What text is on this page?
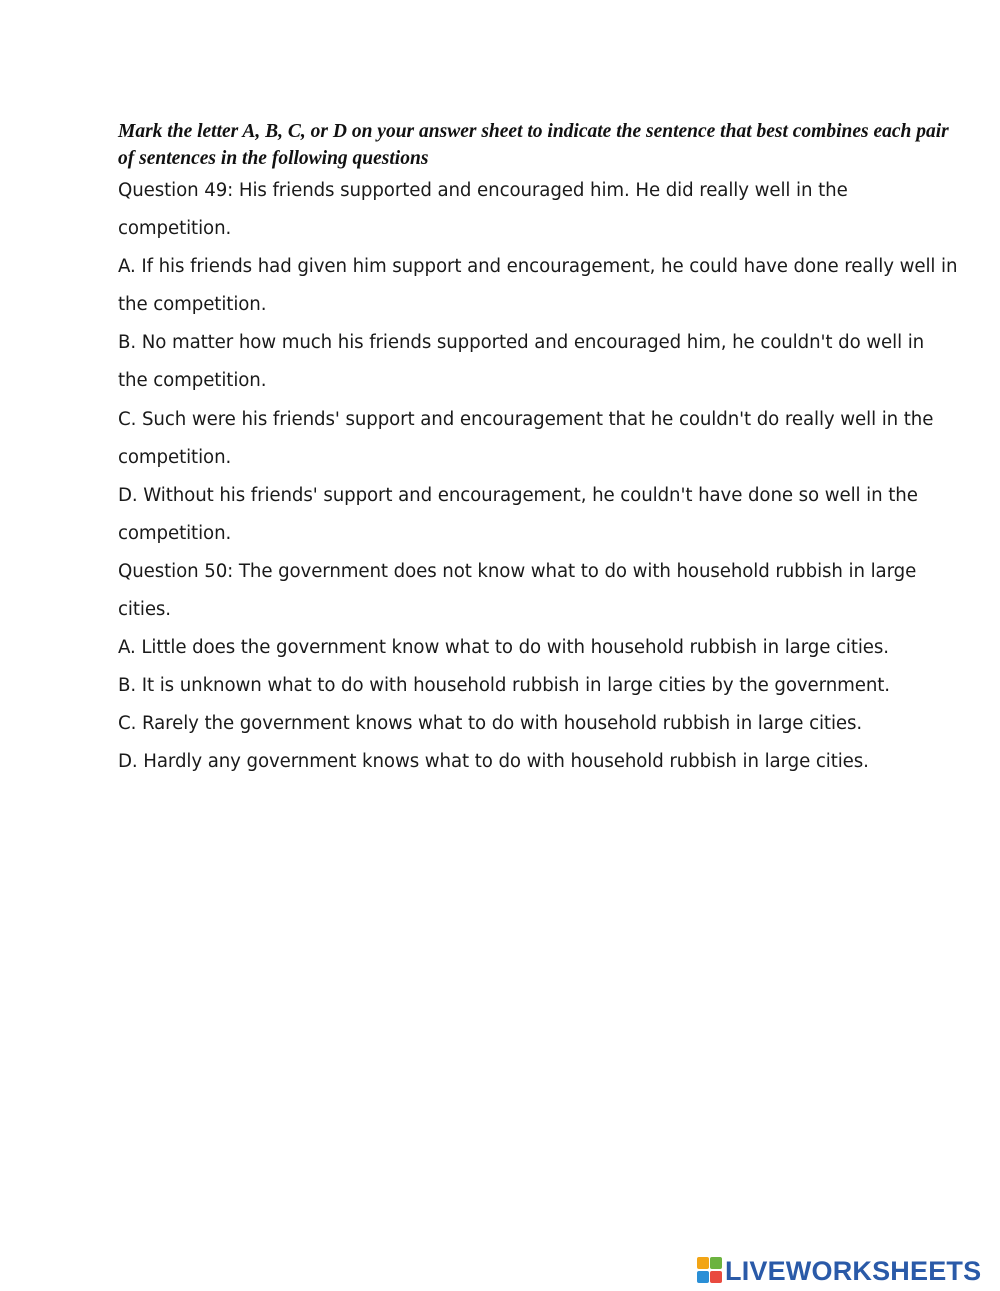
Mark the letter A, B, C, or D on your answer sheet to indicate the sentence that best combines each pair of sentences in the following questions

Question 49: His friends supported and encouraged him. He did really well in the competition.

A. If his friends had given him support and encouragement, he could have done really well in the competition.

B. No matter how much his friends supported and encouraged him, he couldn't do well in the competition.

C. Such were his friends' support and encouragement that he couldn't do really well in the competition.

D. Without his friends' support and encouragement, he couldn't have done so well in the competition.

Question 50: The government does not know what to do with household rubbish in large cities.

A. Little does the government know what to do with household rubbish in large cities.

B. It is unknown what to do with household rubbish in large cities by the government.

C. Rarely the government knows what to do with household rubbish in large cities.

D. Hardly any government knows what to do with household rubbish in large cities.

LIVEWORKSHEETS
